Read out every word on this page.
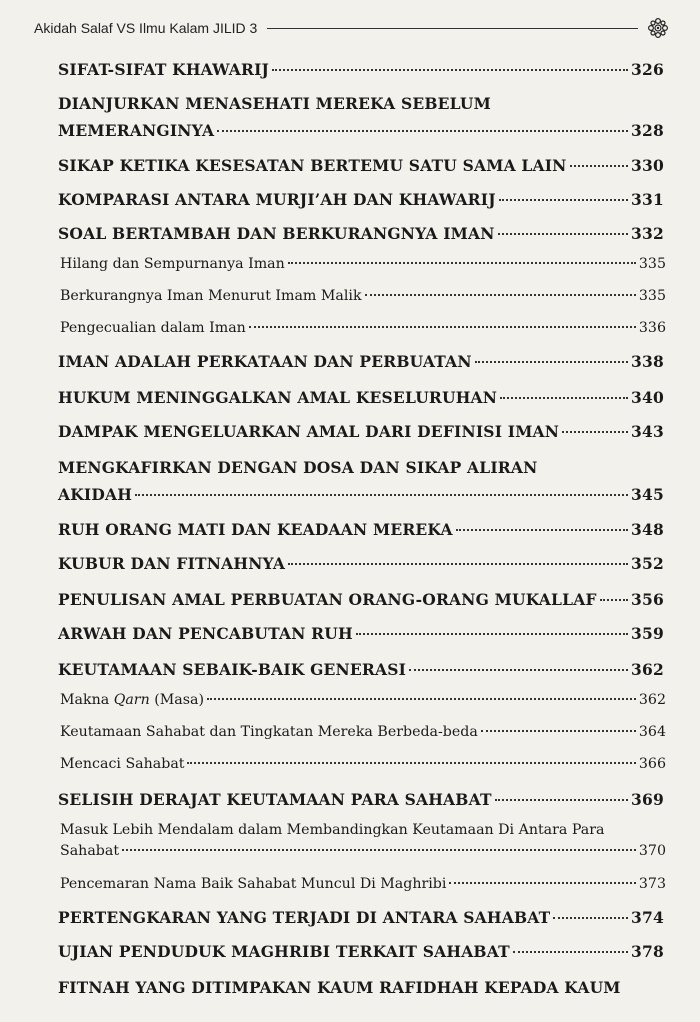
Akidah Salaf VS Ilmu Kalam JILID 3
SIFAT-SIFAT KHAWARIJ	326
DIANJURKAN MENASEHATI MEREKA SEBELUM
MEMERANGINYA	328
SIKAP KETIKA KESESATAN BERTEMU SATU SAMA LAIN	330
KOMPARASI ANTARA MURJI’AH DAN KHAWARIJ	331
SOAL BERTAMBAH DAN BERKURANGNYA IMAN	332
Hilang dan Sempurnanya Iman	335
Berkurangnya Iman Menurut Imam Malik	335
Pengecualian dalam Iman	336
IMAN ADALAH PERKATAAN DAN PERBUATAN	338
HUKUM MENINGGALKAN AMAL KESELURUHAN	340
DAMPAK MENGELUARKAN AMAL DARI DEFINISI IMAN	343
MENGKAFIRKAN DENGAN DOSA DAN SIKAP ALIRAN
AKIDAH	345
RUH ORANG MATI DAN KEADAAN MEREKA	348
KUBUR DAN FITNAHNYA	352
PENULISAN AMAL PERBUATAN ORANG-ORANG MUKALLAF 356
ARWAH DAN PENCABUTAN RUH	359
KEUTAMAAN SEBAIK-BAIK GENERASI	362
Makna Qarn (Masa)	362
Keutamaan Sahabat dan Tingkatan Mereka Berbeda-beda	364
Mencaci Sahabat	366
SELISIH DERAJAT KEUTAMAAN PARA SAHABAT	369
Masuk Lebih Mendalam dalam Membandingkan Keutamaan Di Antara Para
Sahabat	370
Pencemaran Nama Baik Sahabat Muncul Di Maghribi	373
PERTENGKARAN YANG TERJADI DI ANTARA SAHABAT	374
UJIAN PENDUDUK MAGHRIBI TERKAIT SAHABAT	378
FITNAH YANG DITIMPAKAN KAUM RAFIDHAH KEPADA KAUM
